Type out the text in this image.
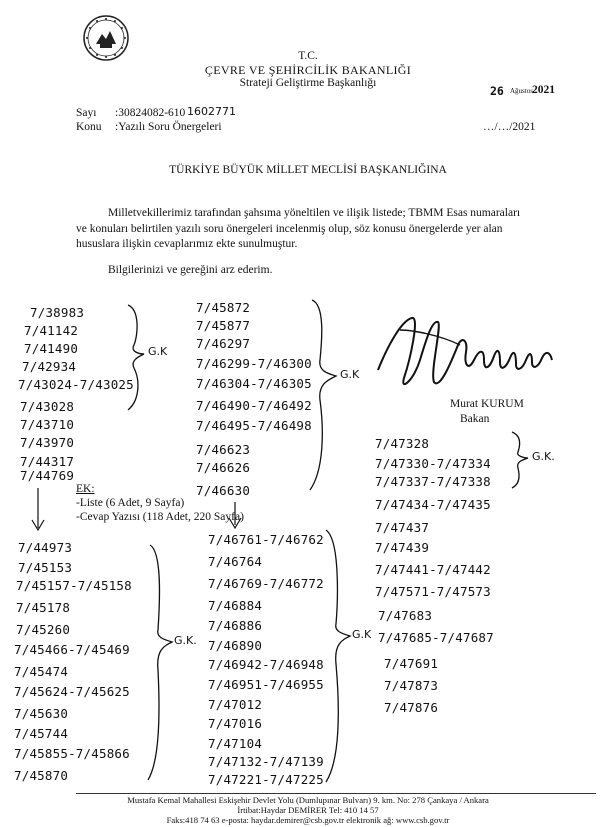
T.C.
ÇEVRE VE ŞEHİRCİLİK BAKANLIĞI
Strateji Geliştirme Başkanlığı
26 Ağustos 2021
Sayı :30824082-610 1602771
Konu :Yazılı Soru Önergeleri	…/…/2021
TÜRKİYE BÜYÜK MİLLET MECLİSİ BAŞKANLIĞINA
Milletvekillerimiz tarafından şahsıma yöneltilen ve ilişik listede; TBMM Esas numaraları
ve konuları belirtilen yazılı soru önergeleri incelenmiş olup, söz konusu önergelerde yer alan
hususlara ilişkin cevaplarımız ekte sunulmuştur.
Bilgilerinizi ve gereğini arz ederim.
Murat KURUM
Bakan
EK:
-Liste (6 Adet, 9 Sayfa)
-Cevap Yazısı (118 Adet, 220 Sayfa)
G.K
G.K
G.K.	G.K
G.K.
7/38983
7/41142
7/41490
7/42934
7/43024-7/43025
7/43028
7/43710
7/43970
7/44317
7/44769
7/45872
7/45877
7/46297
7/46299-7/46300
7/46304-7/46305
7/46490-7/46492
7/46495-7/46498
7/46623
7/46626
7/46630
7/44973
7/45153
7/45157-7/45158
7/45178
7/45260
7/45466-7/45469
7/45474
7/45624-7/45625
7/45630
7/45744
7/45855-7/45866
7/45870
7/46761-7/46762
7/46764
7/46769-7/46772
7/46884
7/46886
7/46890
7/46942-7/46948
7/46951-7/46955
7/47012
7/47016
7/47104
7/47132-7/47139
7/47221-7/47225
7/47328
7/47330-7/47334
7/47337-7/47338
7/47434-7/47435
7/47437
7/47439
7/47441-7/47442
7/47571-7/47573
7/47683
7/47685-7/47687
7/47691
7/47873
7/47876
Mustafa Kemal Mahallesi Eskişehir Devlet Yolu (Dumlupınar Bulvarı) 9. km. No: 278 Çankaya / Ankara
İrtibat:Haydar DEMİRER Tel: 410 14 57
Faks:418 74 63 e-posta: haydar.demirer@csb.gov.tr elektronik ağ: www.csb.gov.tr
